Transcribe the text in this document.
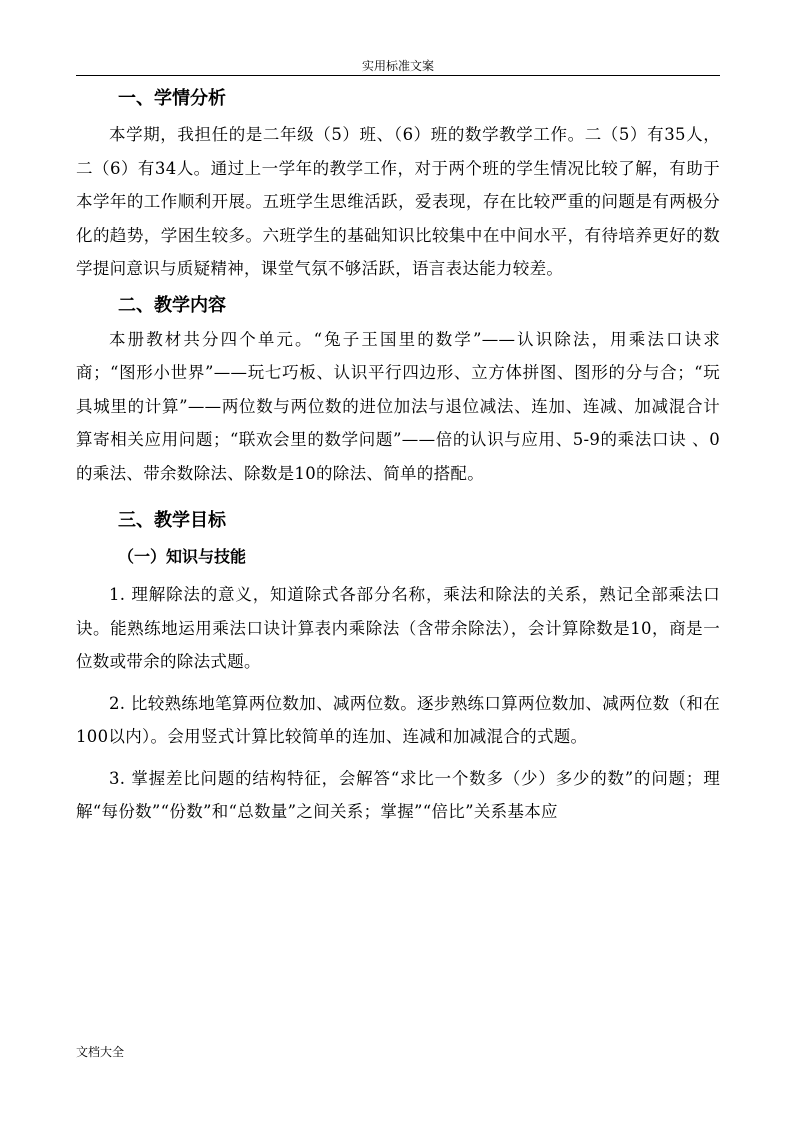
实用标准文案
一、学情分析

本学期，我担任的是二年级（5）班、（6）班的数学教学工作。二（5）有35人，二（6）有34人。通过上一学年的教学工作，对于两个班的学生情况比较了解，有助于本学年的工作顺利开展。五班学生思维活跃，爱表现，存在比较严重的问题是有两极分化的趋势，学困生较多。六班学生的基础知识比较集中在中间水平，有待培养更好的数学提问意识与质疑精神，课堂气氛不够活跃，语言表达能力较差。

二、教学内容

本册教材共分四个单元。“兔子王国里的数学”——认识除法，用乘法口诀求商；“图形小世界”——玩七巧板、认识平行四边形、立方体拼图、图形的分与合；“玩具城里的计算”——两位数与两位数的进位加法与退位减法、连加、连减、加减混合计算寄相关应用问题；“联欢会里的数学问题”——倍的认识与应用、5-9的乘法口诀 、0的乘法、带余数除法、除数是10的除法、简单的搭配。

三、教学目标
（一）知识与技能

1. 理解除法的意义，知道除式各部分名称，乘法和除法的关系，熟记全部乘法口诀。能熟练地运用乘法口诀计算表内乘除法（含带余除法），会计算除数是10，商是一位数或带余的除法式题。

2. 比较熟练地笔算两位数加、减两位数。逐步熟练口算两位数加、减两位数（和在100以内）。会用竖式计算比较简单的连加、连减和加减混合的式题。

3. 掌握差比问题的结构特征，会解答“求比一个数多（少）多少的数”的问题；理解“每份数”“份数”和“总数量”之间关系；掌握”“倍比”关系基本应

文档大全
